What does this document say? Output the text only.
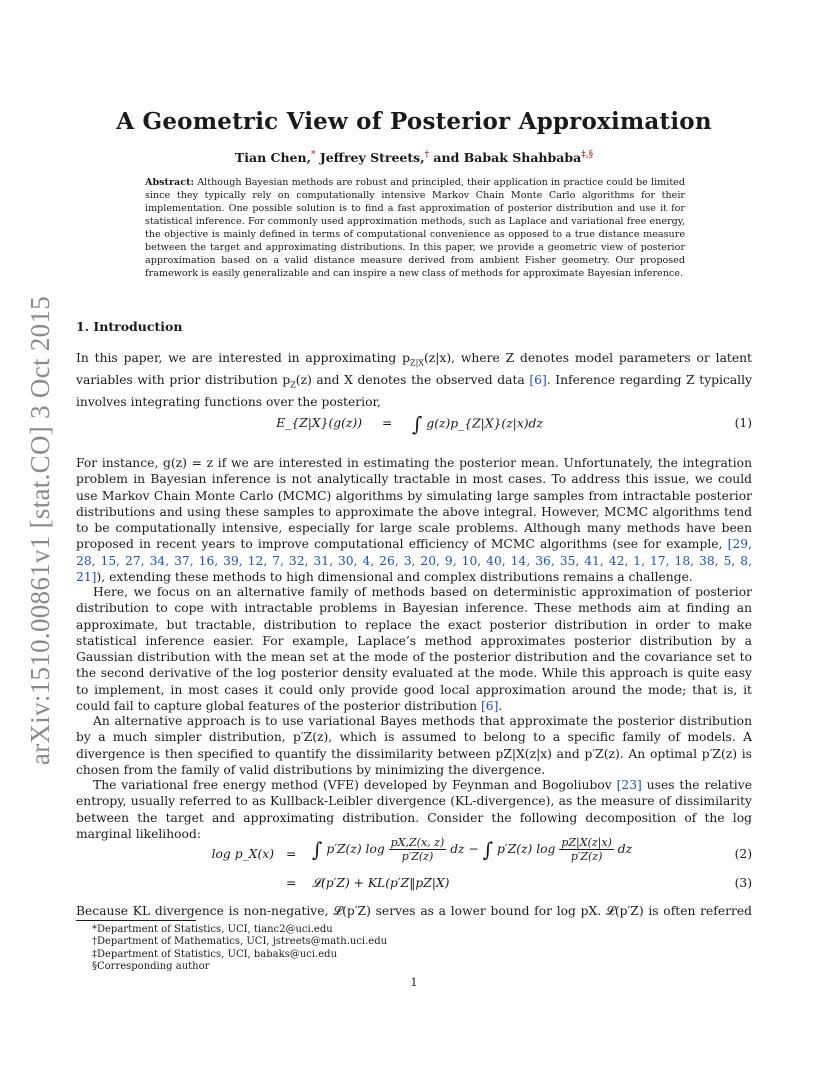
arXiv:1510.00861v1 [stat.CO] 3 Oct 2015
A Geometric View of Posterior Approximation
Tian Chen,* Jeffrey Streets,† and Babak Shahbaba‡,§

Abstract: Although Bayesian methods are robust and principled, their application in practice could be limited since they typically rely on computationally intensive Markov Chain Monte Carlo algorithms for their implementation. One possible solution is to find a fast approximation of posterior distribution and use it for statistical inference. For commonly used approximation methods, such as Laplace and variational free energy, the objective is mainly defined in terms of computational convenience as opposed to a true distance measure between the target and approximating distributions. In this paper, we provide a geometric view of posterior approximation based on a valid distance measure derived from ambient Fisher geometry. Our proposed framework is easily generalizable and can inspire a new class of methods for approximate Bayesian inference.

1. Introduction

In this paper, we are interested in approximating $p_{Z|X}(z|x)$, where Z denotes model parameters or latent variables with prior distribution $p_Z(z)$ and X denotes the observed data [6]. Inference regarding Z typically involves integrating functions over the posterior,

E_{Z|X}(g(z)) = ∫ g(z)p_{Z|X}(z|x)dz	(1)

For instance, g(z) = z if we are interested in estimating the posterior mean. Unfortunately, the integration problem in Bayesian inference is not analytically tractable in most cases. To address this issue, we could use Markov Chain Monte Carlo (MCMC) algorithms by simulating large samples from intractable posterior distributions and using these samples to approximate the above integral. However, MCMC algorithms tend to be computationally intensive, especially for large scale problems. Although many methods have been proposed in recent years to improve computational efficiency of MCMC algorithms (see for example, [29, 28, 15, 27, 34, 37, 16, 39, 12, 7, 32, 31, 30, 4, 26, 3, 20, 9, 10, 40, 14, 36, 35, 41, 42, 1, 17, 18, 38, 5, 8, 21]), extending these methods to high dimensional and complex distributions remains a challenge.

Here, we focus on an alternative family of methods based on deterministic approximation of posterior distribution to cope with intractable problems in Bayesian inference. These methods aim at finding an approximate, but tractable, distribution to replace the exact posterior distribution in order to make statistical inference easier. For example, Laplace’s method approximates posterior distribution by a Gaussian distribution with the mean set at the mode of the posterior distribution and the covariance set to the second derivative of the log posterior density evaluated at the mode. While this approach is quite easy to implement, in most cases it could only provide good local approximation around the mode; that is, it could fail to capture global features of the posterior distribution [6].

An alternative approach is to use variational Bayes methods that approximate the posterior distribution by a much simpler distribution, p′Z(z), which is assumed to belong to a specific family of models. A divergence is then specified to quantify the dissimilarity between pZ|X(z|x) and p′Z(z). An optimal p′Z(z) is chosen from the family of valid distributions by minimizing the divergence.

The variational free energy method (VFE) developed by Feynman and Bogoliubov [23] uses the relative entropy, usually referred to as Kullback-Leibler divergence (KL-divergence), as the measure of dissimilarity between the target and approximating distribution. Consider the following decomposition of the log marginal likelihood:

log p_X(x) = ∫ p′Z(z) $\log \frac{pX,Z(x, z)}{p'Z(z)}$ dz − ∫ p′Z(z) $\log \frac{pZ|X(z|x)}{p'Z(z)}$ dz	(2)
= 𝓛(p′Z) + KL(p′Z‖pZ|X)	(3)

Because KL divergence is non-negative, 𝓛(p′Z) serves as a lower bound for log pX. 𝓛(p′Z) is often referred

*Department of Statistics, UCI, tianc2@uci.edu
†Department of Mathematics, UCI, jstreets@math.uci.edu
‡Department of Statistics, UCI, babaks@uci.edu
§Corresponding author
1
